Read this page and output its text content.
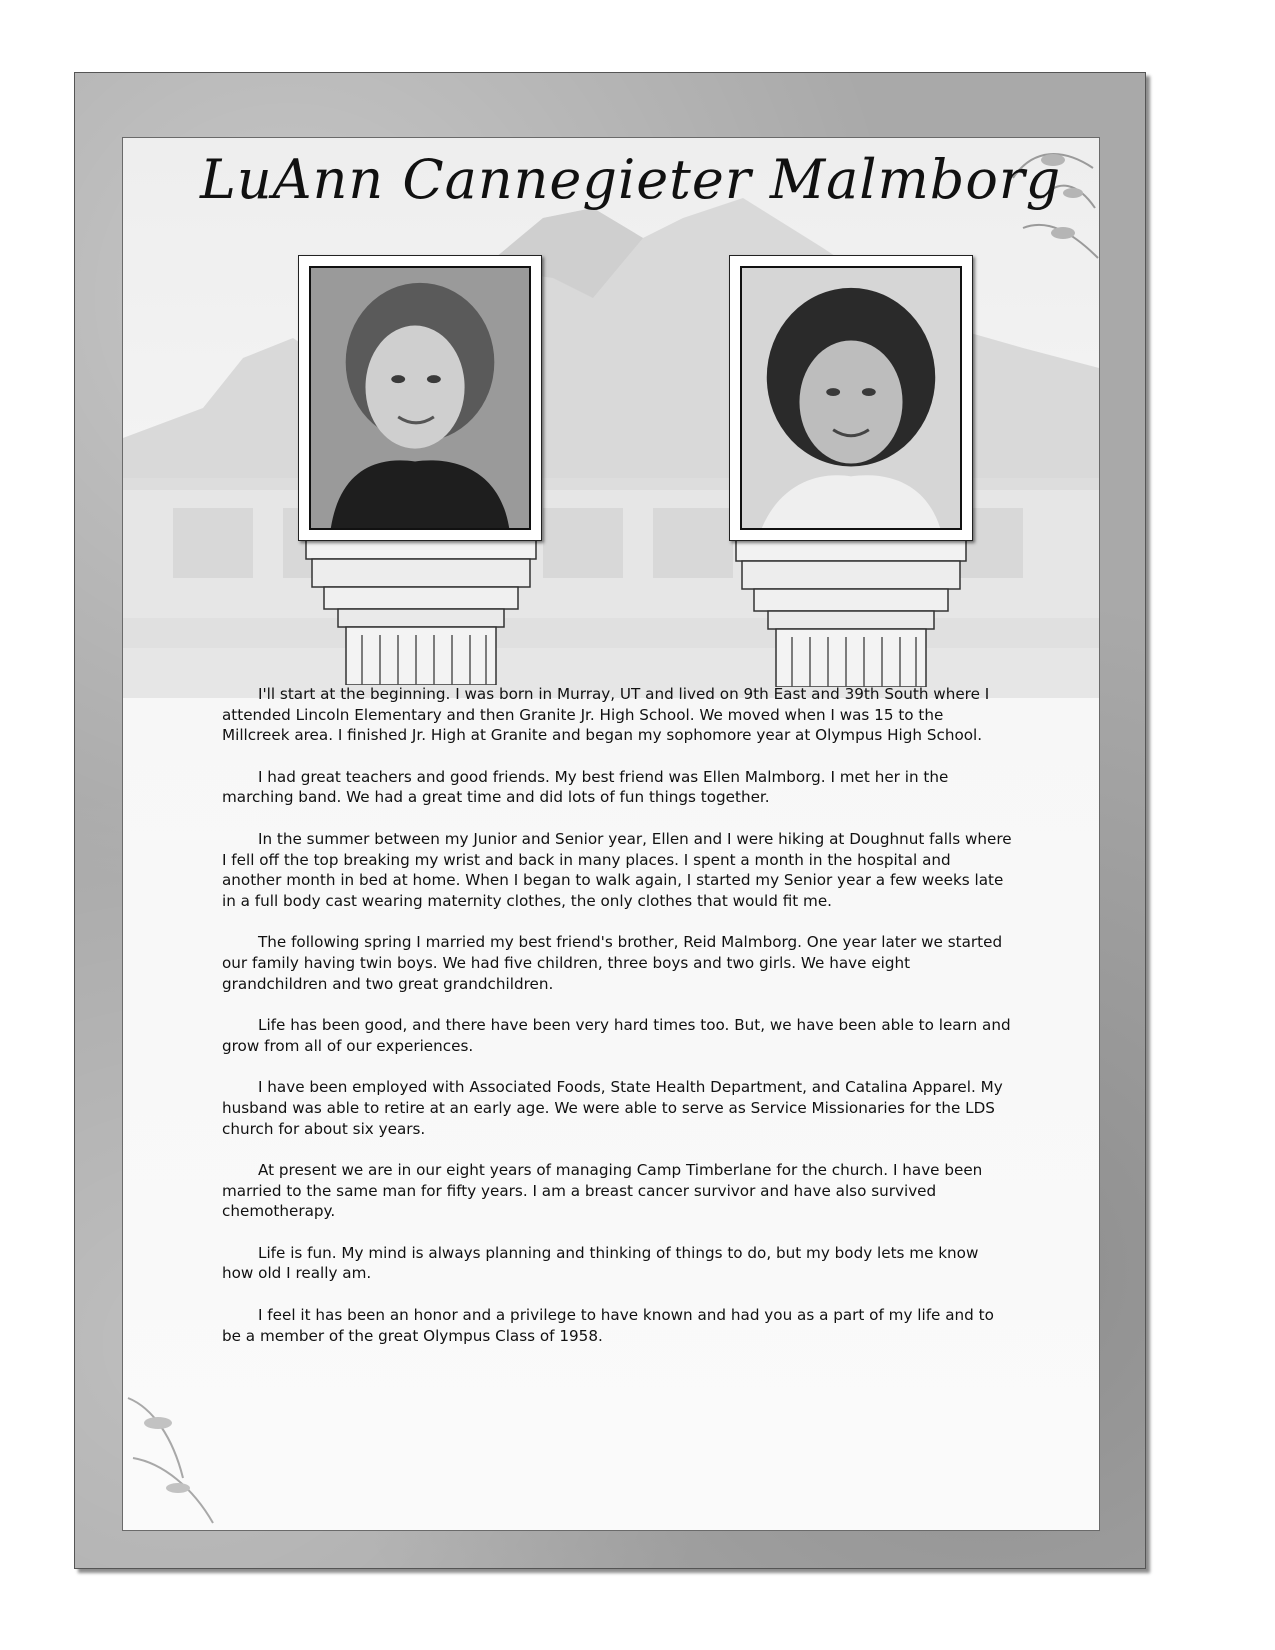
LuAnn Cannegieter Malmborg

I'll start at the beginning. I was born in Murray, UT and lived on 9th East and 39th South where I attended Lincoln Elementary and then Granite Jr. High School. We moved when I was 15 to the Millcreek area. I finished Jr. High at Granite and began my sophomore year at Olympus High School.

I had great teachers and good friends. My best friend was Ellen Malmborg. I met her in the marching band. We had a great time and did lots of fun things together.

In the summer between my Junior and Senior year, Ellen and I were hiking at Doughnut falls where I fell off the top breaking my wrist and back in many places. I spent a month in the hospital and another month in bed at home. When I began to walk again, I started my Senior year a few weeks late in a full body cast wearing maternity clothes, the only clothes that would fit me.

The following spring I married my best friend's brother, Reid Malmborg. One year later we started our family having twin boys. We had five children, three boys and two girls. We have eight grandchildren and two great grandchildren.

Life has been good, and there have been very hard times too. But, we have been able to learn and grow from all of our experiences.

I have been employed with Associated Foods, State Health Department, and Catalina Apparel. My husband was able to retire at an early age. We were able to serve as Service Missionaries for the LDS church for about six years.

At present we are in our eight years of managing Camp Timberlane for the church. I have been married to the same man for fifty years. I am a breast cancer survivor and have also survived chemotherapy.

Life is fun. My mind is always planning and thinking of things to do, but my body lets me know how old I really am.

I feel it has been an honor and a privilege to have known and had you as a part of my life and to be a member of the great Olympus Class of 1958.
